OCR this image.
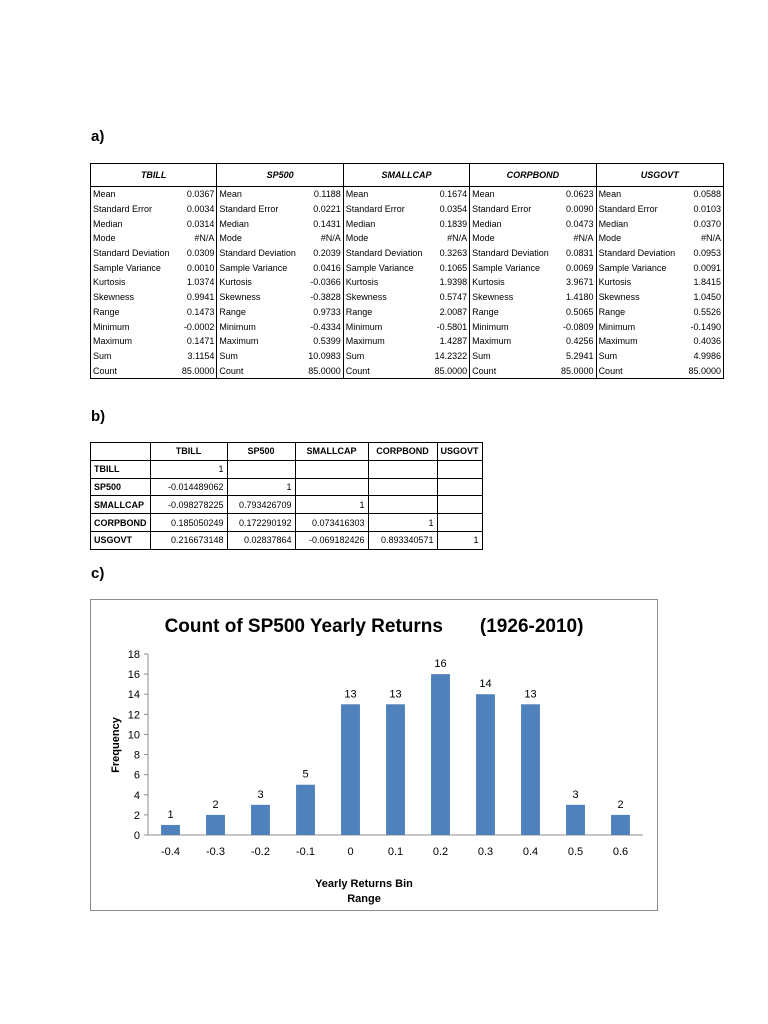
a)
TBILL		SP500		SMALLCAP		CORPBOND		USGOVT	
Mean	0.0367	Mean	0.1188	Mean	0.1674	Mean	0.0623	Mean	0.0588
Standard Error	0.0034	Standard Error	0.0221	Standard Error	0.0354	Standard Error	0.0090	Standard Error	0.0103
Median	0.0314	Median	0.1431	Median	0.1839	Median	0.0473	Median	0.0370
Mode	#N/A	Mode	#N/A	Mode	#N/A	Mode	#N/A	Mode	#N/A
Standard Deviation	0.0309	Standard Deviation	0.2039	Standard Deviation	0.3263	Standard Deviation	0.0831	Standard Deviation	0.0953
Sample Variance	0.0010	Sample Variance	0.0416	Sample Variance	0.1065	Sample Variance	0.0069	Sample Variance	0.0091
Kurtosis	1.0374	Kurtosis	-0.0366	Kurtosis	1.9398	Kurtosis	3.9671	Kurtosis	1.8415
Skewness	0.9941	Skewness	-0.3828	Skewness	0.5747	Skewness	1.4180	Skewness	1.0450
Range	0.1473	Range	0.9733	Range	2.0087	Range	0.5065	Range	0.5526
Minimum	-0.0002	Minimum	-0.4334	Minimum	-0.5801	Minimum	-0.0809	Minimum	-0.1490
Maximum	0.1471	Maximum	0.5399	Maximum	1.4287	Maximum	0.4256	Maximum	0.4036
Sum	3.1154	Sum	10.0983	Sum	14.2322	Sum	5.2941	Sum	4.9986
Count	85.0000	Count	85.0000	Count	85.0000	Count	85.0000	Count	85.0000
b)
	TBILL	SP500	SMALLCAP	CORPBOND	USGOVT
TBILL	1				
SP500	-0.014489062	1			
SMALLCAP	-0.098278225	0.793426709	1		
CORPBOND	0.185050249	0.172290192	0.073416303	1	
USGOVT	0.216673148	0.02837864	-0.069182426	0.893340571	1
c)
Count of SP500 Yearly Returns       (1926-2010)
0
2
4
6
8
10
12
14
16
18
1
-0.4
2
-0.3
3
-0.2
5
-0.1
13
0
13
0.1
16
0.2
14
0.3
13
0.4
3
0.5
2
0.6
Yearly Returns Bin
Range
Frequency
